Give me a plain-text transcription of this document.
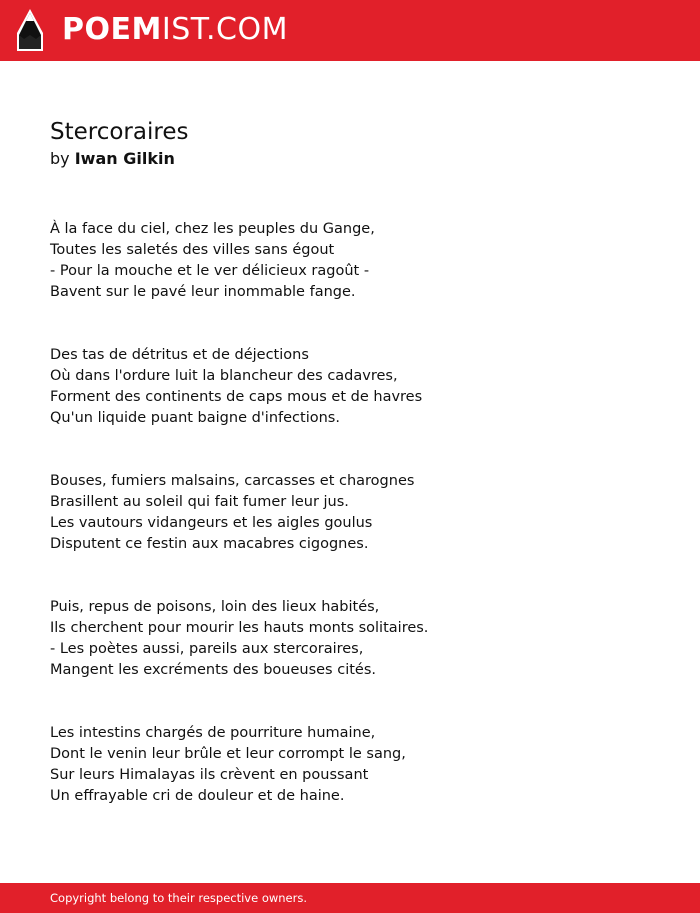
POEMIST.COM
Stercoraires
by Iwan Gilkin
À la face du ciel, chez les peuples du Gange,
Toutes les saletés des villes sans égout
- Pour la mouche et le ver délicieux ragoût -
Bavent sur le pavé leur inommable fange.
Des tas de détritus et de déjections
Où dans l'ordure luit la blancheur des cadavres,
Forment des continents de caps mous et de havres
Qu'un liquide puant baigne d'infections.
Bouses, fumiers malsains, carcasses et charognes
Brasillent au soleil qui fait fumer leur jus.
Les vautours vidangeurs et les aigles goulus
Disputent ce festin aux macabres cigognes.
Puis, repus de poisons, loin des lieux habités,
Ils cherchent pour mourir les hauts monts solitaires.
- Les poètes aussi, pareils aux stercoraires,
Mangent les excréments des boueuses cités.
Les intestins chargés de pourriture humaine,
Dont le venin leur brûle et leur corrompt le sang,
Sur leurs Himalayas ils crèvent en poussant
Un effrayable cri de douleur et de haine.
Copyright belong to their respective owners.
